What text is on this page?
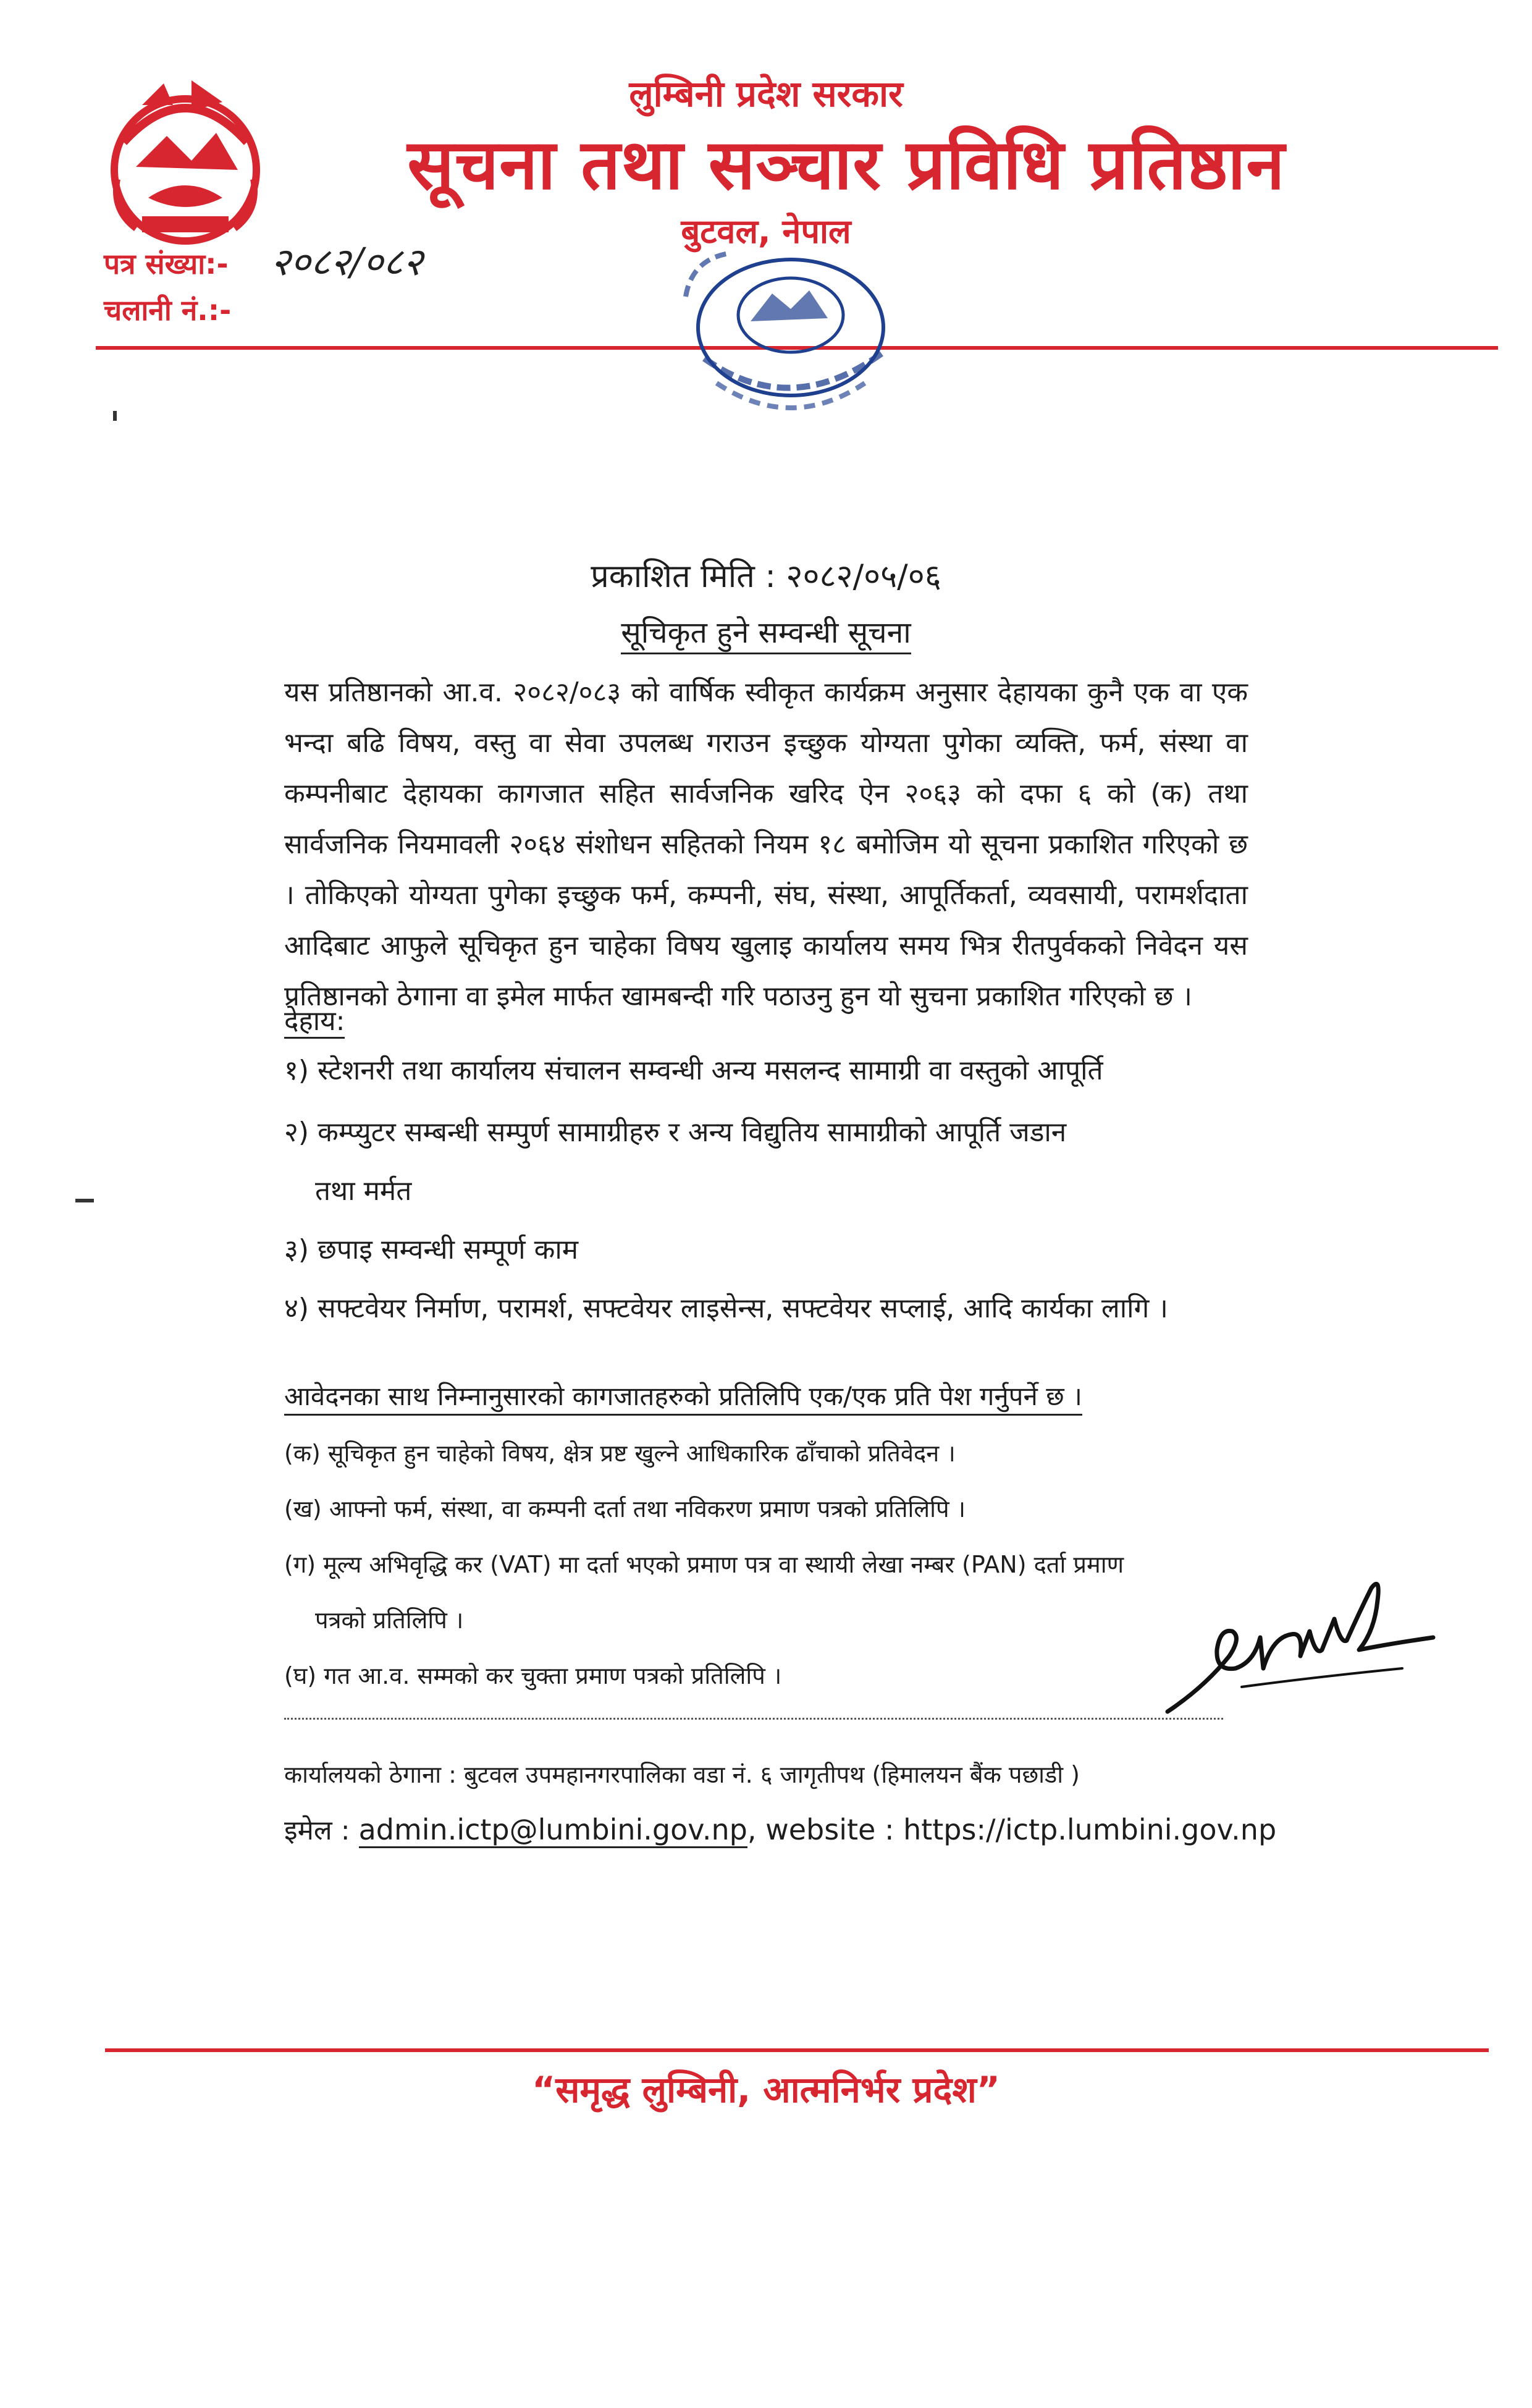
लुम्बिनी प्रदेश सरकार
सूचना तथा सञ्चार प्रविधि प्रतिष्ठान
बुटवल, नेपाल
पत्र संख्या:- २०८२/०८२
चलानी नं.:-
प्रकाशित मिति : २०८२/०५/०६
सूचिकृत हुने सम्वन्धी सूचना
यस प्रतिष्ठानको आ.व. २०८२/०८३ को वार्षिक स्वीकृत कार्यक्रम अनुसार देहायका कुनै एक वा एक भन्दा बढि विषय, वस्तु वा सेवा उपलब्ध गराउन इच्छुक योग्यता पुगेका व्यक्ति, फर्म, संस्था वा कम्पनीबाट देहायका कागजात सहित सार्वजनिक खरिद ऐन २०६३ को दफा ६ को (क) तथा सार्वजनिक नियमावली २०६४ संशोधन सहितको नियम १८ बमोजिम यो सूचना प्रकाशित गरिएको छ । तोकिएको योग्यता पुगेका इच्छुक फर्म, कम्पनी, संघ, संस्था, आपूर्तिकर्ता, व्यवसायी, परामर्शदाता आदिबाट आफुले सूचिकृत हुन चाहेका विषय खुलाइ कार्यालय समय भित्र रीतपुर्वकको निवेदन यस प्रतिष्ठानको ठेगाना वा इमेल मार्फत खामबन्दी गरि पठाउनु हुन यो सुचना प्रकाशित गरिएको छ ।
देहाय:
१) स्टेशनरी तथा कार्यालय संचालन सम्वन्धी अन्य मसलन्द सामाग्री वा वस्तुको आपूर्ति
२) कम्प्युटर सम्बन्धी सम्पुर्ण सामाग्रीहरु र अन्य विद्युतिय सामाग्रीको आपूर्ति जडान
तथा मर्मत
३) छपाइ सम्वन्धी सम्पूर्ण काम
४) सफ्टवेयर निर्माण, परामर्श, सफ्टवेयर लाइसेन्स, सफ्टवेयर सप्लाई, आदि कार्यका लागि ।
आवेदनका साथ निम्नानुसारको कागजातहरुको प्रतिलिपि एक/एक प्रति पेश गर्नुपर्ने छ ।
(क) सूचिकृत हुन चाहेको विषय, क्षेत्र प्रष्ट खुल्ने आधिकारिक ढाँचाको प्रतिवेदन ।
(ख) आफ्नो फर्म, संस्था, वा कम्पनी दर्ता तथा नविकरण प्रमाण पत्रको प्रतिलिपि ।
(ग) मूल्य अभिवृद्धि कर (VAT) मा दर्ता भएको प्रमाण पत्र वा स्थायी लेखा नम्बर (PAN) दर्ता प्रमाण
पत्रको प्रतिलिपि ।
(घ) गत आ.व. सम्मको कर चुक्ता प्रमाण पत्रको प्रतिलिपि ।
कार्यालयको ठेगाना : बुटवल उपमहानगरपालिका वडा नं. ६ जागृतीपथ (हिमालयन बैंक पछाडी )
इमेल : admin.ictp@lumbini.gov.np, website : https://ictp.lumbini.gov.np
“समृद्ध लुम्बिनी, आत्मनिर्भर प्रदेश”
